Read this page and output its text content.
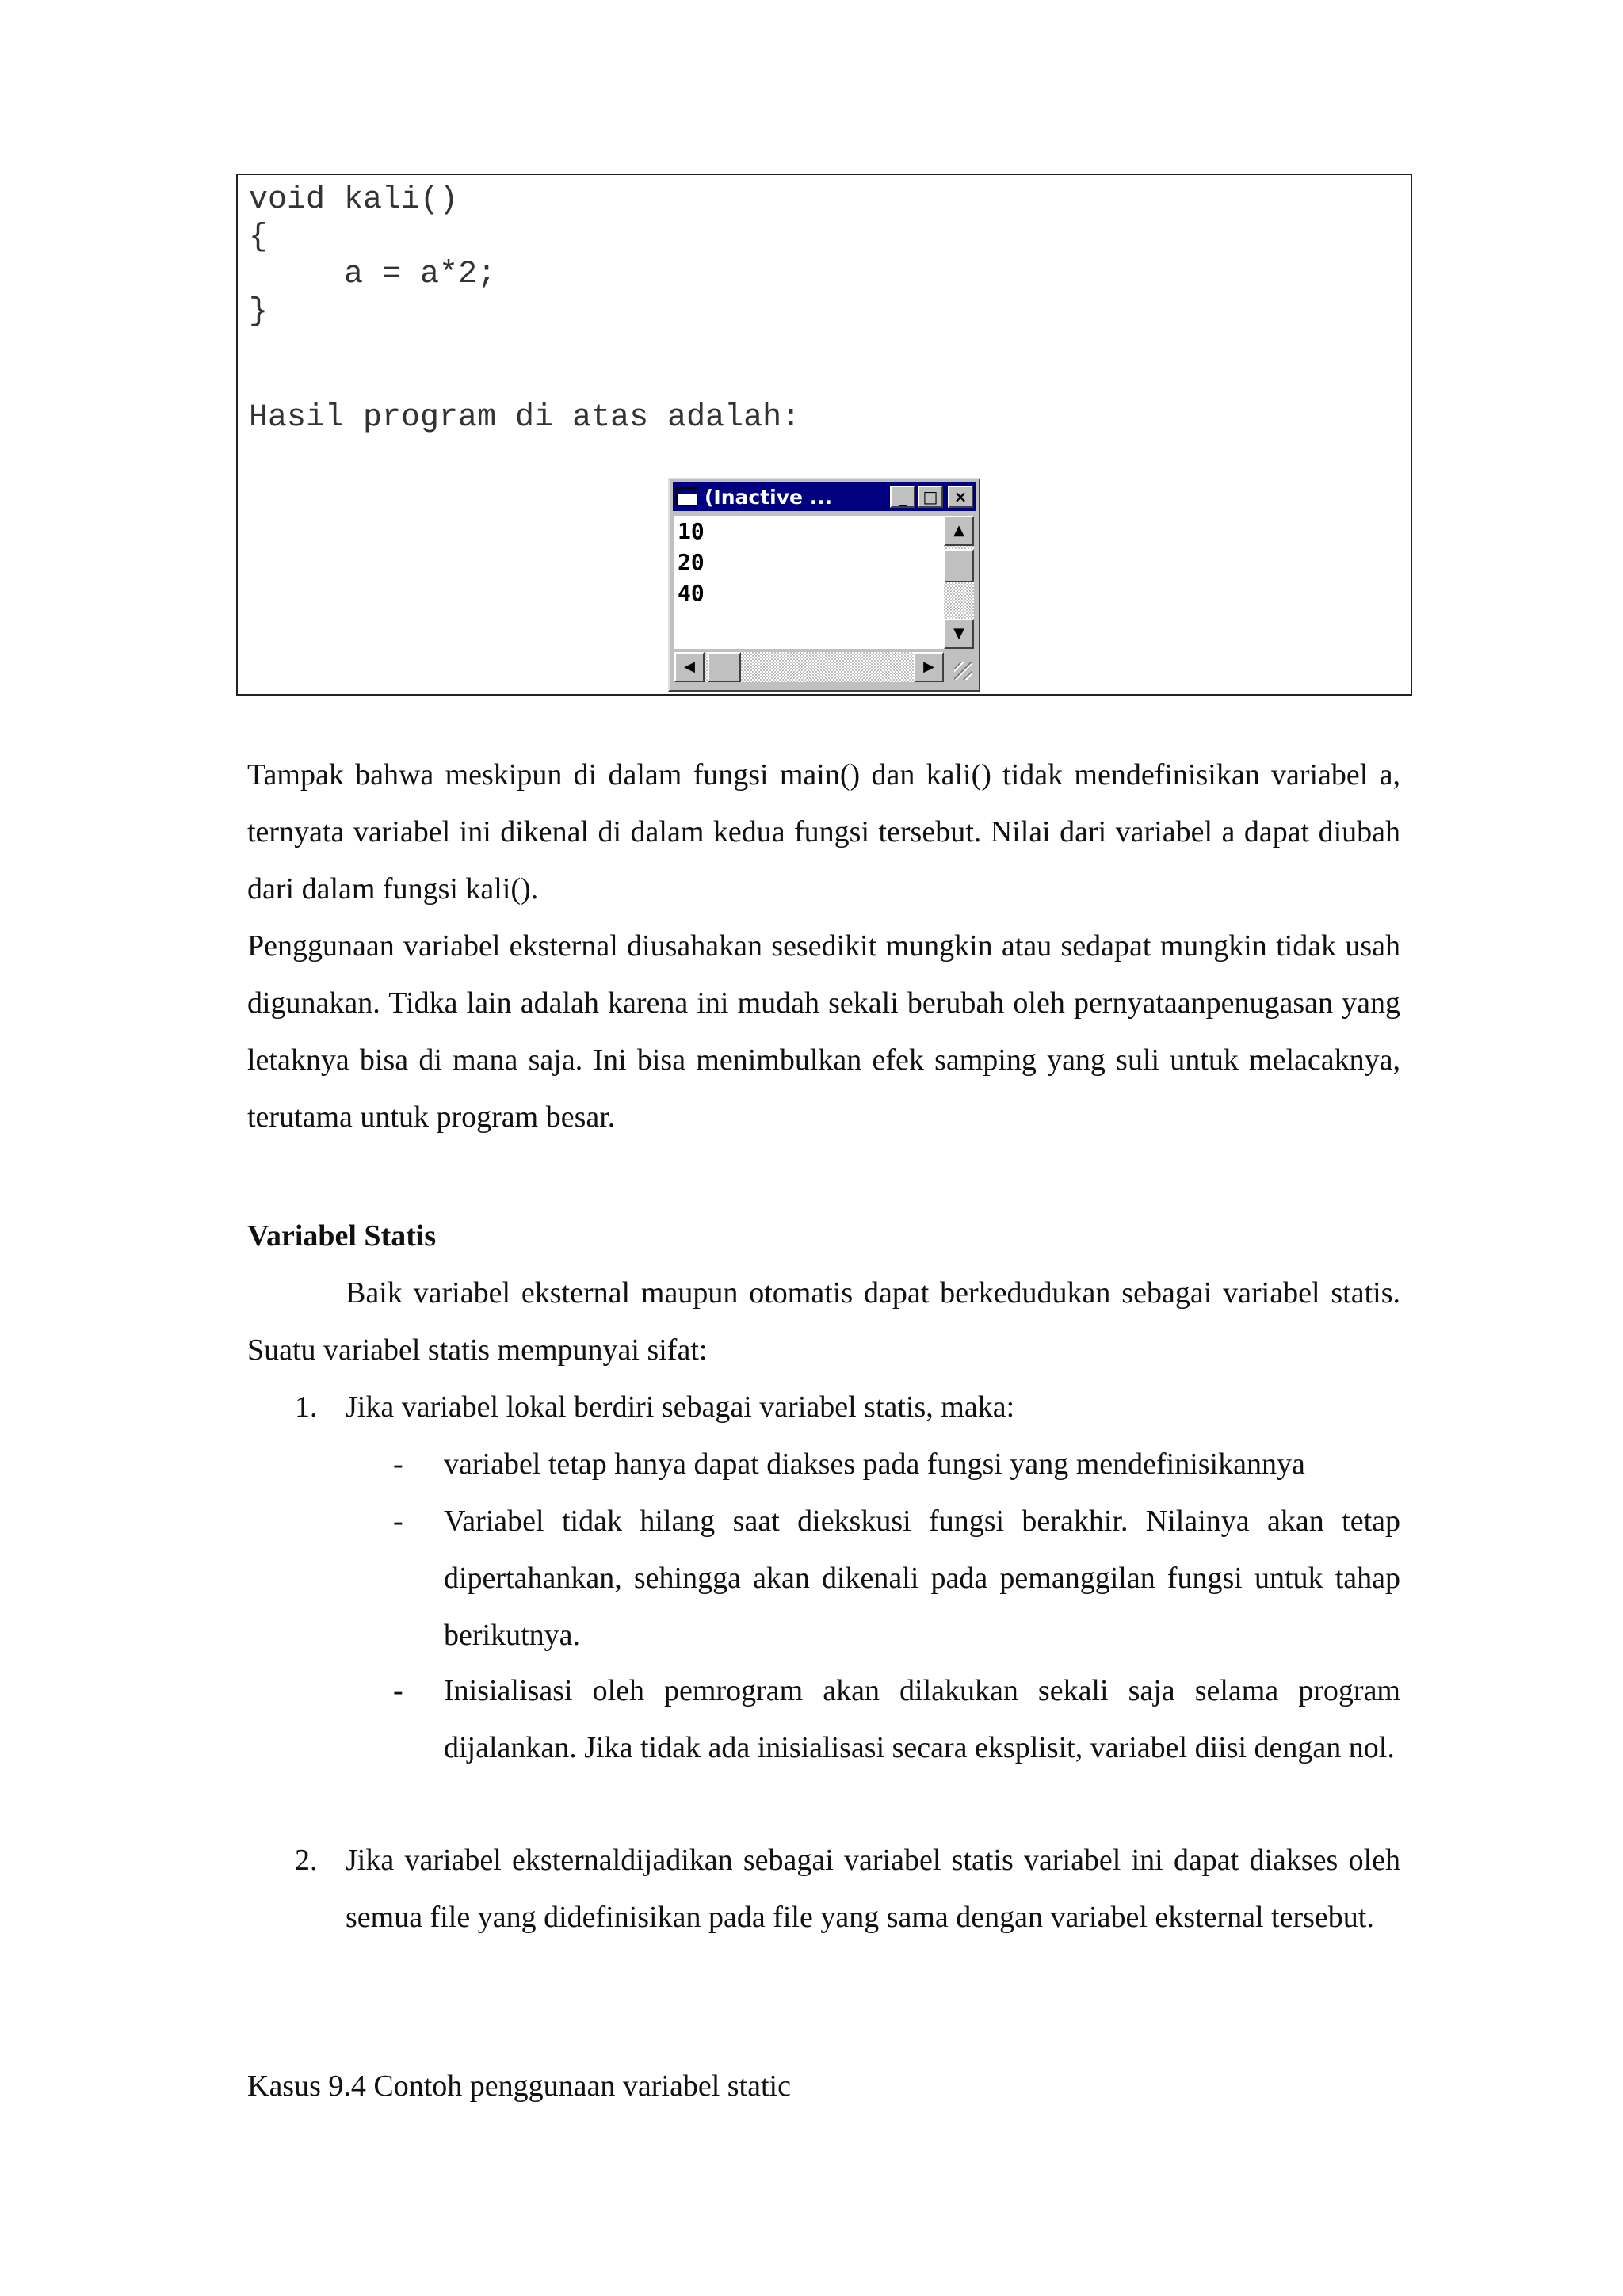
void kali()
{
a = a*2;
}
Hasil program di atas adalah:
(Inactive ...	_	□	×
10
20
40
▲
▼
◀	▶

Tampak bahwa meskipun di dalam fungsi main() dan kali() tidak mendefinisikan variabel a, ternyata variabel ini dikenal di dalam kedua fungsi tersebut. Nilai dari variabel a dapat diubah dari dalam fungsi kali().

Penggunaan variabel eksternal diusahakan sesedikit mungkin atau sedapat mungkin tidak usah digunakan. Tidka lain adalah karena ini mudah sekali berubah oleh pernyataanpenugasan yang letaknya bisa di mana saja. Ini bisa menimbulkan efek samping yang suli untuk melacaknya, terutama untuk program besar.

Variabel Statis

Baik variabel eksternal maupun otomatis dapat berkedudukan sebagai variabel statis. Suatu variabel statis mempunyai sifat:

1. Jika variabel lokal berdiri sebagai variabel statis, maka:

- variabel tetap hanya dapat diakses pada fungsi yang mendefinisikannya

- Variabel tidak hilang saat diekskusi fungsi berakhir. Nilainya akan tetap dipertahankan, sehingga akan dikenali pada pemanggilan fungsi untuk tahap berikutnya.

- Inisialisasi oleh pemrogram akan dilakukan sekali saja selama program dijalankan. Jika tidak ada inisialisasi secara eksplisit, variabel diisi dengan nol.

2. Jika variabel eksternaldijadikan sebagai variabel statis variabel ini dapat diakses oleh semua file yang didefinisikan pada file yang sama dengan variabel eksternal tersebut.

Kasus 9.4 Contoh penggunaan variabel static
